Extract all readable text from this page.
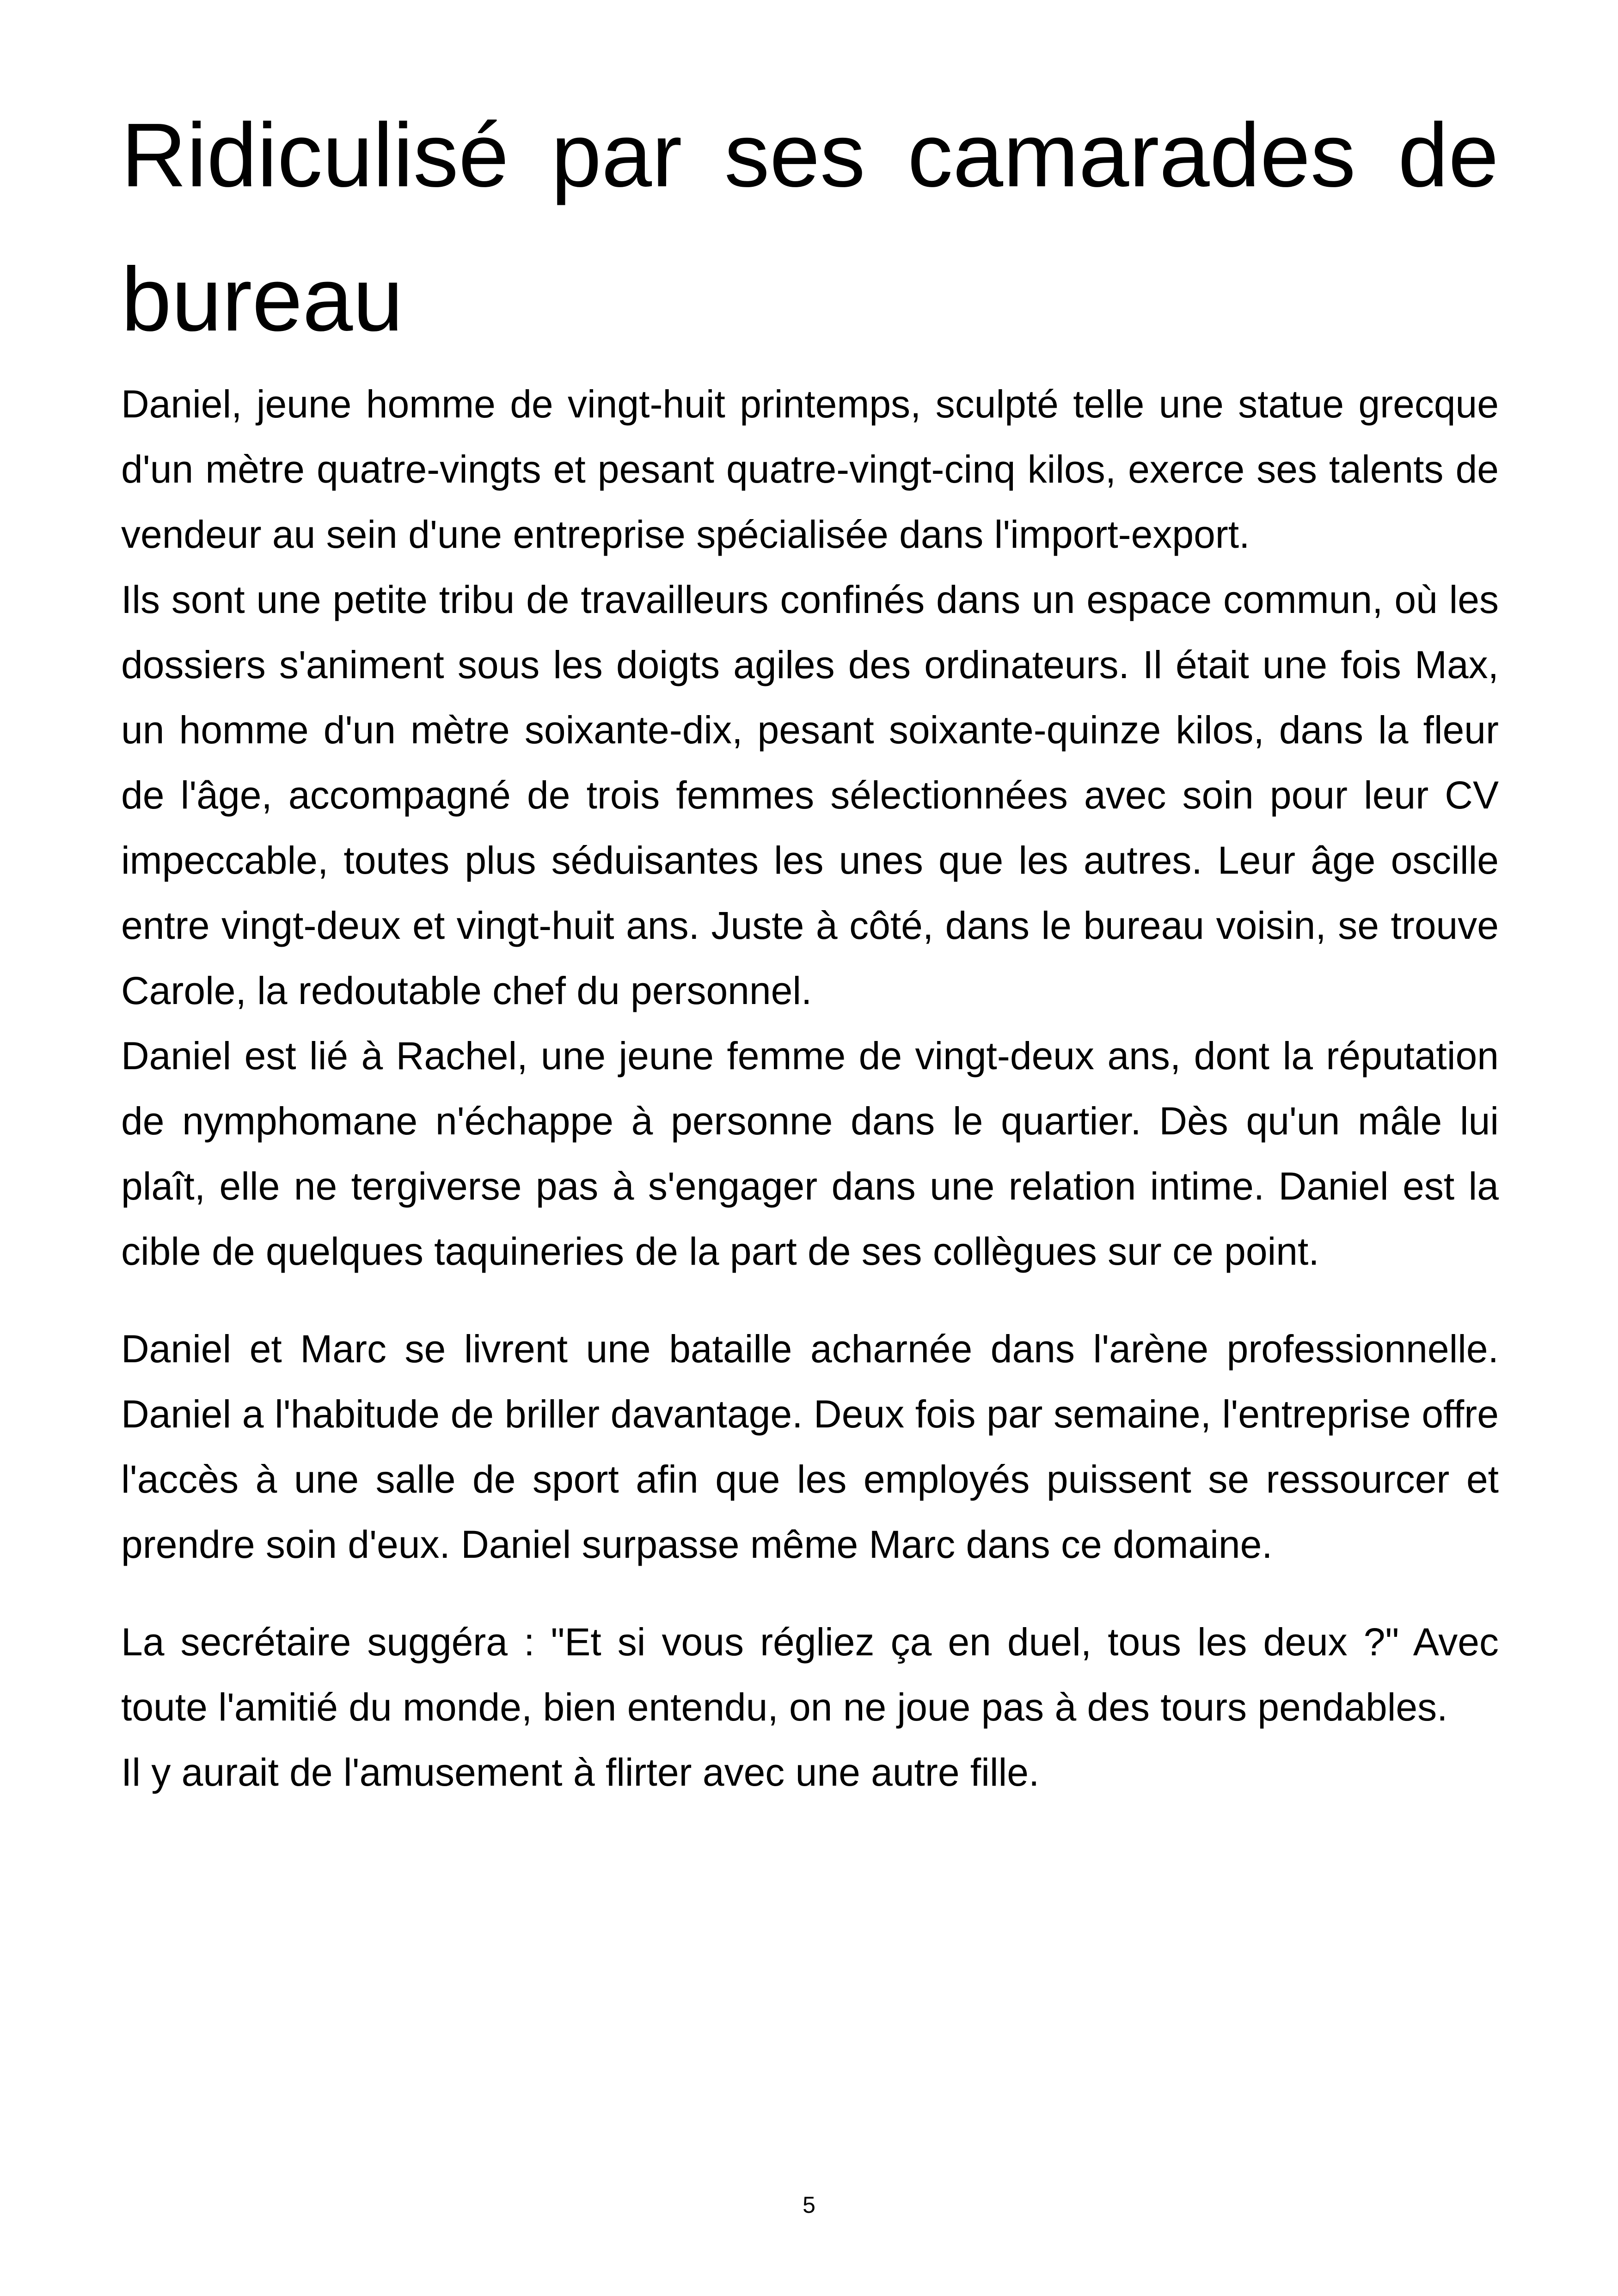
Ridiculisé par ses camarades de bureau

Daniel, jeune homme de vingt-huit printemps, sculpté telle une statue grecque d'un mètre quatre-vingts et pesant quatre-vingt-cinq kilos, exerce ses talents de vendeur au sein d'une entreprise spécialisée dans l'import-export.

Ils sont une petite tribu de travailleurs confinés dans un espace commun, où les dossiers s'animent sous les doigts agiles des ordinateurs. Il était une fois Max, un homme d'un mètre soixante-dix, pesant soixante-quinze kilos, dans la fleur de l'âge, accompagné de trois femmes sélectionnées avec soin pour leur CV impeccable, toutes plus séduisantes les unes que les autres. Leur âge oscille entre vingt-deux et vingt-huit ans. Juste à côté, dans le bureau voisin, se trouve Carole, la redoutable chef du personnel.

Daniel est lié à Rachel, une jeune femme de vingt-deux ans, dont la réputation de nymphomane n'échappe à personne dans le quartier. Dès qu'un mâle lui plaît, elle ne tergiverse pas à s'engager dans une relation intime. Daniel est la cible de quelques taquineries de la part de ses collègues sur ce point.

Daniel et Marc se livrent une bataille acharnée dans l'arène professionnelle. Daniel a l'habitude de briller davantage. Deux fois par semaine, l'entreprise offre l'accès à une salle de sport afin que les employés puissent se ressourcer et prendre soin d'eux. Daniel surpasse même Marc dans ce domaine.

La secrétaire suggéra : "Et si vous régliez ça en duel, tous les deux ?" Avec toute l'amitié du monde, bien entendu, on ne joue pas à des tours pendables.

Il y aurait de l'amusement à flirter avec une autre fille.

5
